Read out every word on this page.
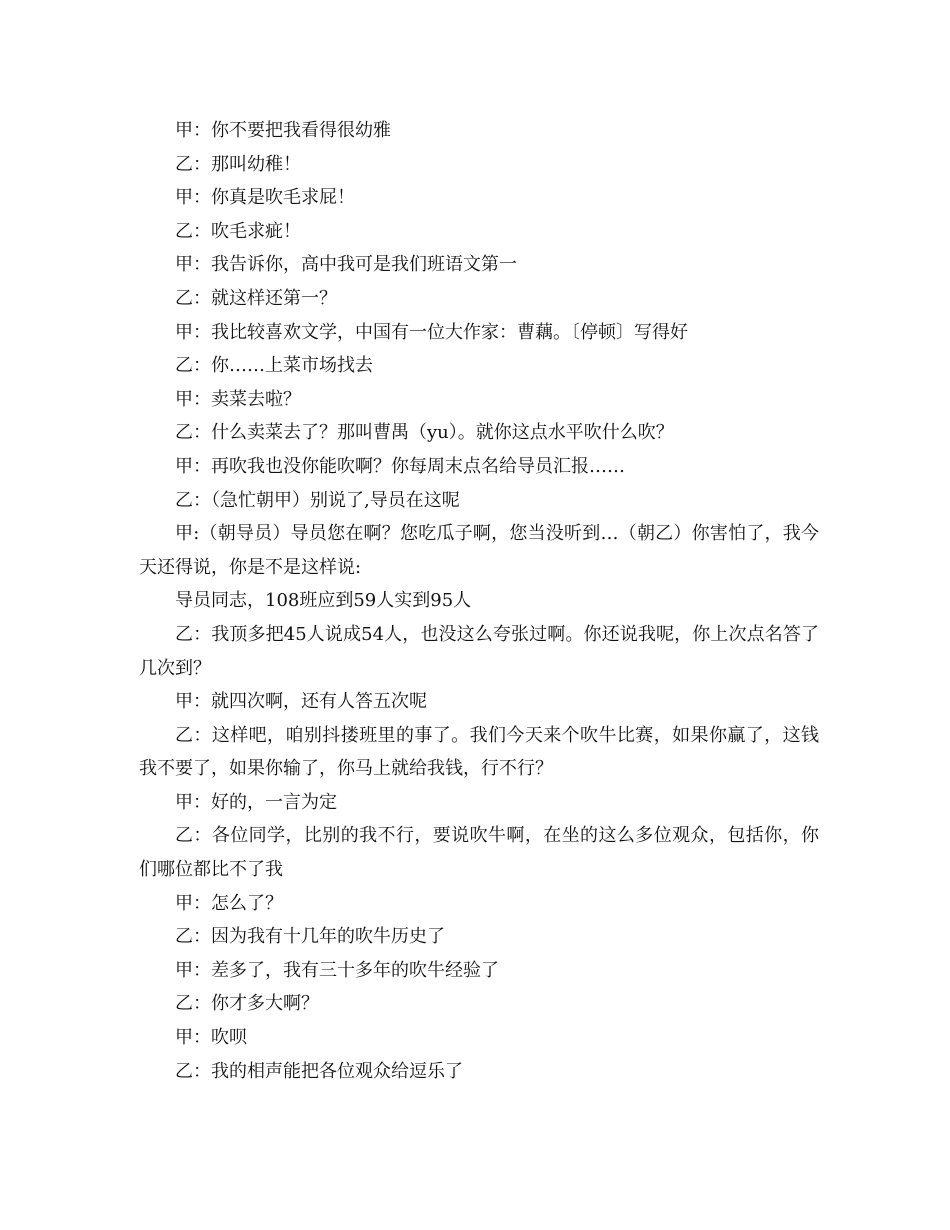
甲：你不要把我看得很幼雅

乙：那叫幼稚！

甲：你真是吹毛求屁！

乙：吹毛求疵！

甲：我告诉你，高中我可是我们班语文第一

乙：就这样还第一？

甲：我比较喜欢文学，中国有一位大作家：曹藕。〔停顿〕写得好

乙：你……上菜市场找去

甲：卖菜去啦？

乙：什么卖菜去了？那叫曹禺（yu）。就你这点水平吹什么吹？

甲：再吹我也没你能吹啊？你每周末点名给导员汇报……

乙：（急忙朝甲）别说了,导员在这呢

甲:（朝导员）导员您在啊？您吃瓜子啊，您当没听到…（朝乙）你害怕了，我今天还得说，你是不是这样说:

导员同志，108班应到59人实到95人

乙：我顶多把45人说成54人，也没这么夸张过啊。你还说我呢，你上次点名答了几次到？

甲：就四次啊，还有人答五次呢

乙：这样吧，咱别抖搂班里的事了。我们今天来个吹牛比赛，如果你赢了，这钱我不要了，如果你输了，你马上就给我钱，行不行？

甲：好的，一言为定

乙：各位同学，比别的我不行，要说吹牛啊，在坐的这么多位观众，包括你，你们哪位都比不了我

甲：怎么了？

乙：因为我有十几年的吹牛历史了

甲：差多了，我有三十多年的吹牛经验了

乙：你才多大啊？

甲：吹呗

乙：我的相声能把各位观众给逗乐了
